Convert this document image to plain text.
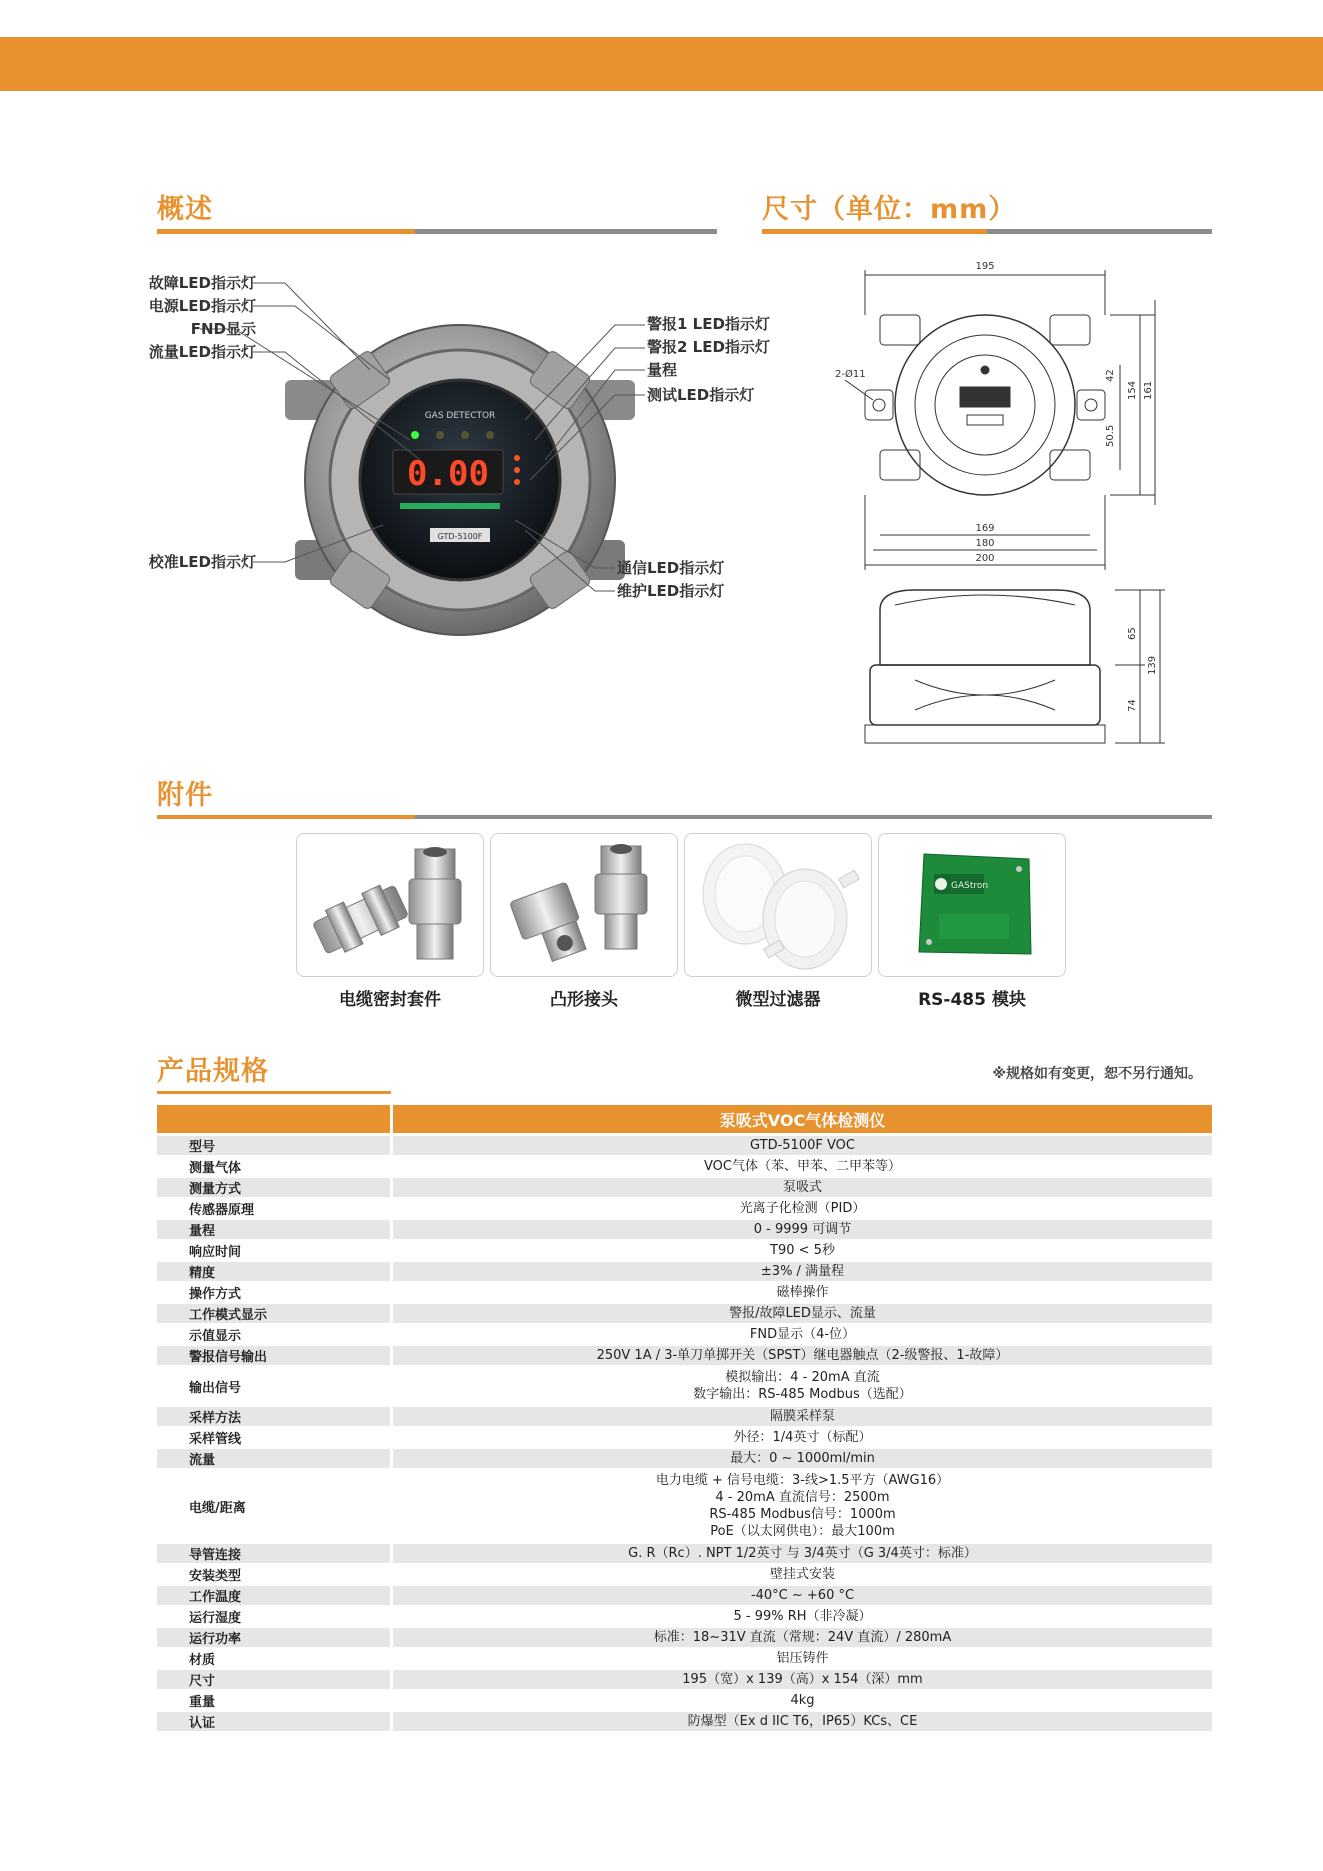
概述	尺寸（单位：mm）
GAS DETECTOR
0.00
GTD-5100F
故障LED指示灯
电源LED指示灯
FND显示
流量LED指示灯
校准LED指示灯
警报1 LED指示灯
警报2 LED指示灯
量程
测试LED指示灯
通信LED指示灯
维护LED指示灯
195
2-Ø11	42
154 161
50.5
169
180
200
65
139
74
附件
电缆密封套件	凸形接头	微型过滤器
GAStron
RS-485 模块
产品规格	※规格如有变更，恕不另行通知。
泵吸式VOC气体检测仪
型号	GTD-5100F VOC
测量气体	VOC气体（苯、甲苯、二甲苯等）
测量方式	泵吸式
传感器原理	光离子化检测（PID）
量程	0 - 9999 可调节
响应时间	T90 < 5秒
精度	±3% / 满量程
操作方式	磁棒操作
工作模式显示	警报/故障LED显示、流量
示值显示	FND显示（4-位）
警报信号输出	250V 1A / 3-单刀单掷开关（SPST）继电器触点（2-级警报、1-故障）
输出信号
模拟输出：4 - 20mA 直流
数字输出：RS-485 Modbus（选配）
采样方法	隔膜采样泵
采样管线	外径：1/4英寸（标配）
流量	最大：0 ~ 1000ml/min
电缆/距离
电力电缆 + 信号电缆：3-线>1.5平方（AWG16）
4 - 20mA 直流信号：2500m
RS-485 Modbus信号：1000m
PoE（以太网供电）：最大100m
导管连接	G. R（Rc）. NPT 1/2英寸 与 3/4英寸（G 3/4英寸：标准）
安装类型	壁挂式安装
工作温度	-40°C ~ +60 °C
运行湿度	5 - 99% RH（非冷凝）
运行功率	标准：18~31V 直流（常规：24V 直流）/ 280mA
材质	铝压铸件
尺寸	195（宽）x 139（高）x 154（深）mm
重量	4kg
认证	防爆型（Ex d IIC T6，IP65）KCs、CE
